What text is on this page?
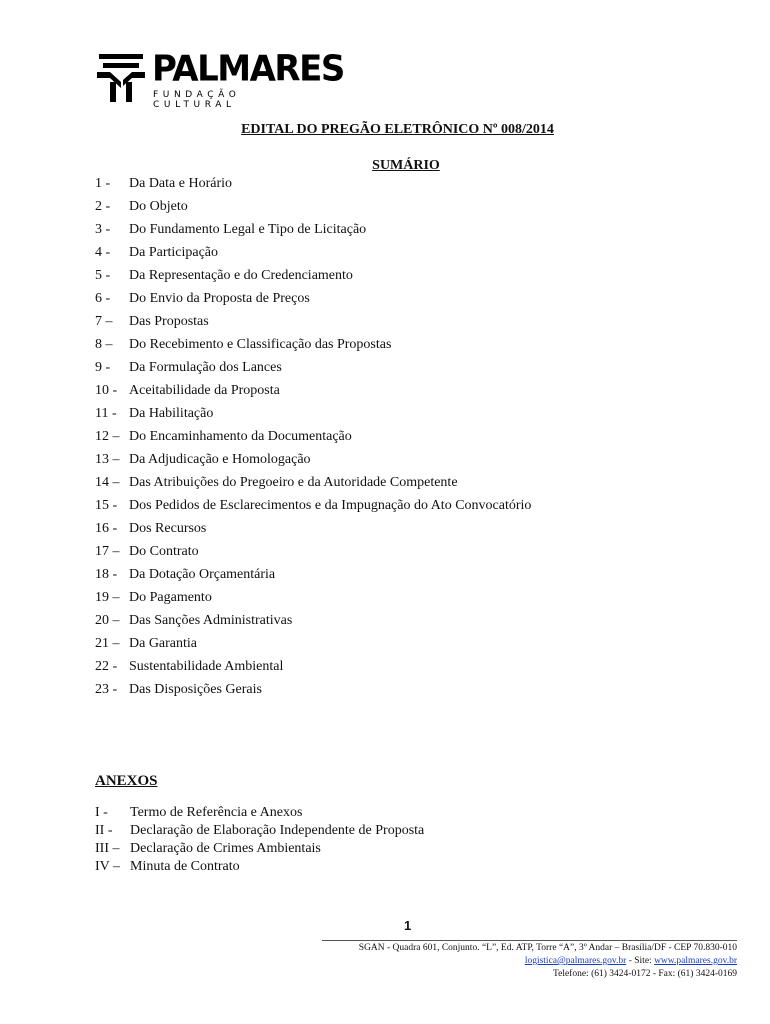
PALMARES
FUNDAÇÃO CULTURAL
EDITAL DO PREGÃO ELETRÔNICO Nº 008/2014
SUMÁRIO
1 - Da Data e Horário
2 - Do Objeto
3 - Do Fundamento Legal e Tipo de Licitação
4 - Da Participação
5 - Da Representação e do Credenciamento
6 - Do Envio da Proposta de Preços
7 – Das Propostas
8 – Do Recebimento e Classificação das Propostas
9 - Da Formulação dos Lances
10 - Aceitabilidade da Proposta
11 - Da Habilitação
12 – Do Encaminhamento da Documentação
13 – Da Adjudicação e Homologação
14 – Das Atribuições do Pregoeiro e da Autoridade Competente
15 - Dos Pedidos de Esclarecimentos e da Impugnação do Ato Convocatório
16 - Dos Recursos
17 – Do Contrato
18 - Da Dotação Orçamentária
19 – Do Pagamento
20 – Das Sanções Administrativas
21 – Da Garantia
22 - Sustentabilidade Ambiental
23 - Das Disposições Gerais
ANEXOS
I - Termo de Referência e Anexos
II - Declaração de Elaboração Independente de Proposta
III – Declaração de Crimes Ambientais
IV – Minuta de Contrato
1
SGAN - Quadra 601, Conjunto. “L”, Ed. ATP, Torre “A”, 3º Andar – Brasília/DF - CEP 70.830-010
logistica@palmares.gov.br - Site: www.palmares.gov.br
Telefone: (61) 3424-0172 - Fax: (61) 3424-0169
